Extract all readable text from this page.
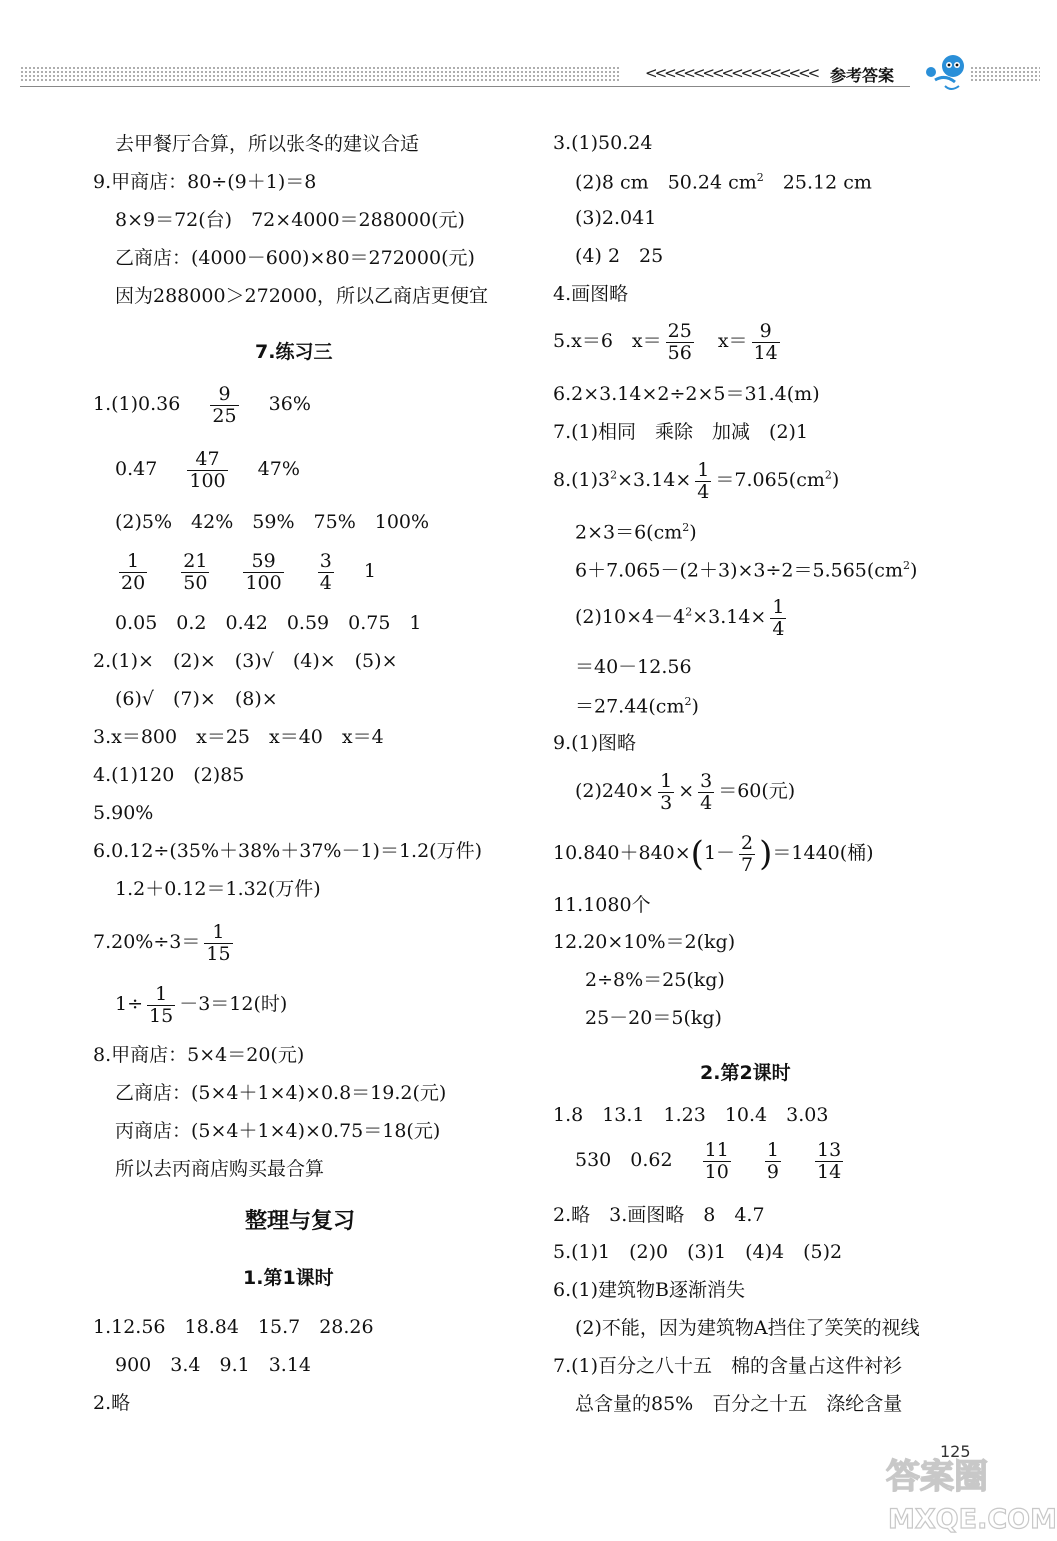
<<<<<<<<<<<<<<<<<< 参考答案
去甲餐厅合算，所以张冬的建议合适
9.甲商店：80÷(9＋1)＝8
8×9＝72(台)　72×4000＝288000(元)
乙商店：(4000－600)×80＝272000(元)
因为288000＞272000，所以乙商店更便宜
7.练习三
$1.(1)0.36 \frac{9}{25} 36\%$
$0.47 \frac{47}{100} 47\%$
(2)5%　42%　59%　75%　100%
$\frac{1}{20}$
$\frac{21}{50}$
$\frac{59}{100}$
$\frac{3}{4} 1$
0.05　0.2　0.42　0.59　0.75　1
2.(1)×　(2)×　(3)√　(4)×　(5)×
(6)√　(7)×　(8)×
3.x＝800　x＝25　x＝40　x＝4
4.(1)120　(2)85
5.90%
6.0.12÷(35%＋38%＋37%－1)＝1.2(万件)
1.2＋0.12＝1.32(万件)
$7.20\%\div 3= \frac{1}{15}$
$1\div \frac{1}{15} -3=12$(时)
8.甲商店：5×4＝20(元)
乙商店：(5×4＋1×4)×0.8＝19.2(元)
丙商店：(5×4＋1×4)×0.75＝18(元)
所以去丙商店购买最合算
整理与复习
1.第1课时
1.12.56　18.84　15.7　28.26
900　3.4　9.1　3.14
2.略
3.(1)50.24
(2)8 cm　50.24 $cm^2$　25.12 cm
(3)2.041
(4) 2　25
4.画图略
5.x＝6　$x= \frac{25}{56} x= \frac{9}{14}$
6.2×3.14×2÷2×5＝31.4(m)
7.(1)相同　乘除　加减　(2)1
$8.(1)3^2\times 3.14\times \frac{1}{4} =7.065(cm^2)$
$2\times 3=6(cm^2)$
$6+7.065-(2+3)\times 3\div 2=5.565(cm^2)$
$(2)10\times 4-4^2\times 3.14\times \frac{1}{4}$
＝40－12.56
$=27.44(cm^2)$
9.(1)图略
$(2)240\times \frac{1}{3} \times \frac{3}{4} =60$(元)
$10.840+840\times(1- \frac{2}{7} )=1440$(桶)
11.1080个
12.20×10%＝2(kg)
2÷8%＝25(kg)
25－20＝5(kg)
2.第2课时
1.8　13.1　1.23　10.4　3.03
530　$0.62 \frac{11}{10}$
$\frac{1}{9}$
$\frac{13}{14}$
2.略　3.画图略　8　4.7
5.(1)1　(2)0　(3)1　(4)4　(5)2
6.(1)建筑物B逐渐消失
(2)不能，因为建筑物A挡住了笑笑的视线
7.(1)百分之八十五　棉的含量占这件衬衫
总含量的85%　百分之十五　涤纶含量
125
答案圈
MXQE.COM
